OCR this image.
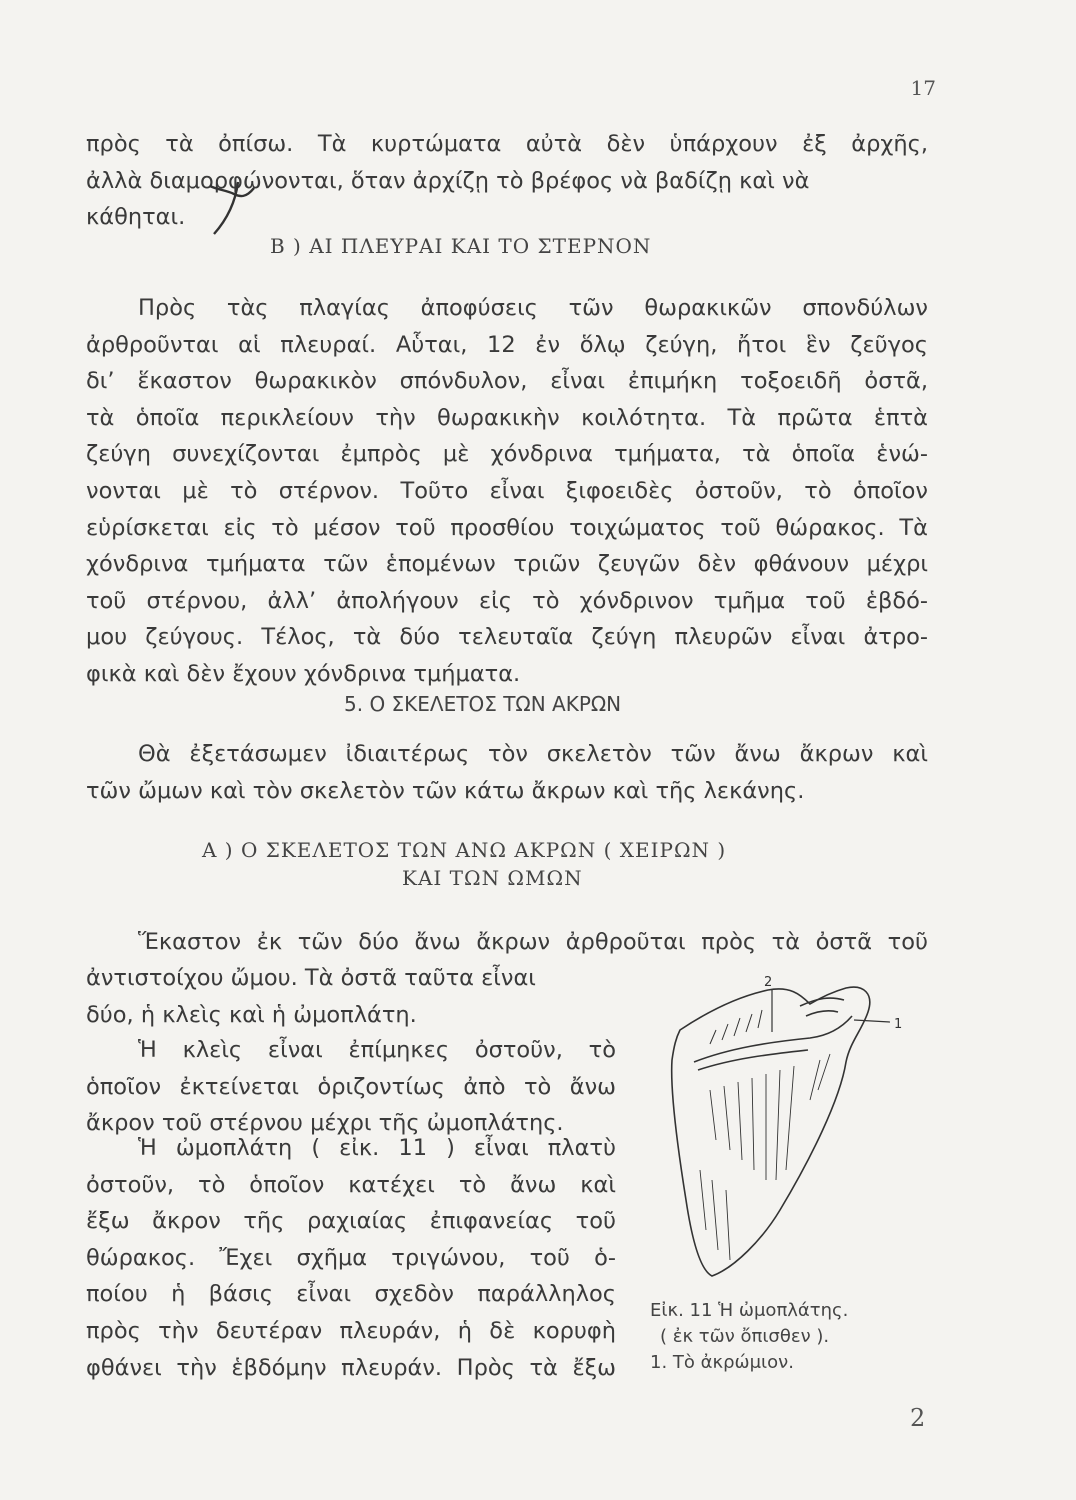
17
πρὸς τὰ ὀπίσω. Τὰ κυρτώματα αὐτὰ δὲν ὑπάρχουν ἐξ ἀρχῆς,
ἀλλὰ διαμορφώνονται, ὅταν ἀρχίζῃ τὸ βρέφος νὰ βαδίζῃ καὶ νὰ
κάθηται.
Β ) ΑΙ ΠΛΕΥΡΑΙ ΚΑΙ ΤΟ ΣΤΕΡΝΟΝ
Πρὸς τὰς πλαγίας ἀποφύσεις τῶν θωρακικῶν σπονδύλων
ἀρθροῦνται αἱ πλευραί. Αὗται, 12 ἐν ὅλῳ ζεύγη, ἤτοι ἓν ζεῦγος
δι’ ἕκαστον θωρακικὸν σπόνδυλον, εἶναι ἐπιμήκη τοξοειδῆ ὀστᾶ,
τὰ ὁποῖα περικλείουν τὴν θωρακικὴν κοιλότητα. Τὰ πρῶτα ἑπτὰ
ζεύγη συνεχίζονται ἐμπρὸς μὲ χόνδρινα τμήματα, τὰ ὁποῖα ἑνώ-
νονται μὲ τὸ στέρνον. Τοῦτο εἶναι ξιφοειδὲς ὀστοῦν, τὸ ὁποῖον
εὑρίσκεται εἰς τὸ μέσον τοῦ προσθίου τοιχώματος τοῦ θώρακος. Τὰ
χόνδρινα τμήματα τῶν ἑπομένων τριῶν ζευγῶν δὲν φθάνουν μέχρι
τοῦ στέρνου, ἀλλ’ ἀπολήγουν εἰς τὸ χόνδρινον τμῆμα τοῦ ἑβδό-
μου ζεύγους. Τέλος, τὰ δύο τελευταῖα ζεύγη πλευρῶν εἶναι ἀτρο-
φικὰ καὶ δὲν ἔχουν χόνδρινα τμήματα.
5. Ο ΣΚΕΛΕΤΟΣ ΤΩΝ ΑΚΡΩΝ
Θὰ ἐξετάσωμεν ἰδιαιτέρως τὸν σκελετὸν τῶν ἄνω ἄκρων καὶ
τῶν ὤμων καὶ τὸν σκελετὸν τῶν κάτω ἄκρων καὶ τῆς λεκάνης.
Α ) Ο ΣΚΕΛΕΤΟΣ ΤΩΝ ΑΝΩ ΑΚΡΩΝ ( ΧΕΙΡΩΝ )
ΚΑΙ ΤΩΝ ΩΜΩΝ
Ἕκαστον ἐκ τῶν δύο ἄνω ἄκρων ἀρθροῦται πρὸς τὰ ὀστᾶ τοῦ
ἀντιστοίχου ὤμου. Τὰ ὀστᾶ ταῦτα εἶναι
δύο, ἡ κλεὶς καὶ ἡ ὠμοπλάτη.
Ἡ κλεὶς εἶναι ἐπίμηκες ὀστοῦν, τὸ
ὁποῖον ἐκτείνεται ὁριζοντίως ἀπὸ τὸ ἄνω
ἄκρον τοῦ στέρνου μέχρι τῆς ὠμοπλάτης.
Ἡ ὠμοπλάτη ( εἰκ. 11 ) εἶναι πλατὺ
ὀστοῦν, τὸ ὁποῖον κατέχει τὸ ἄνω καὶ
ἔξω ἄκρον τῆς ραχιαίας ἐπιφανείας τοῦ
θώρακος. Ἔχει σχῆμα τριγώνου, τοῦ ὁ-
ποίου ἡ βάσις εἶναι σχεδὸν παράλληλος
πρὸς τὴν δευτέραν πλευράν, ἡ δὲ κορυφὴ
φθάνει τὴν ἑβδόμην πλευράν. Πρὸς τὰ ἔξω
2
1
Εἰκ. 11 Ἡ ὠμοπλάτης.
( ἐκ τῶν ὄπισθεν ).
1. Τὸ ἀκρώμιον.
2
